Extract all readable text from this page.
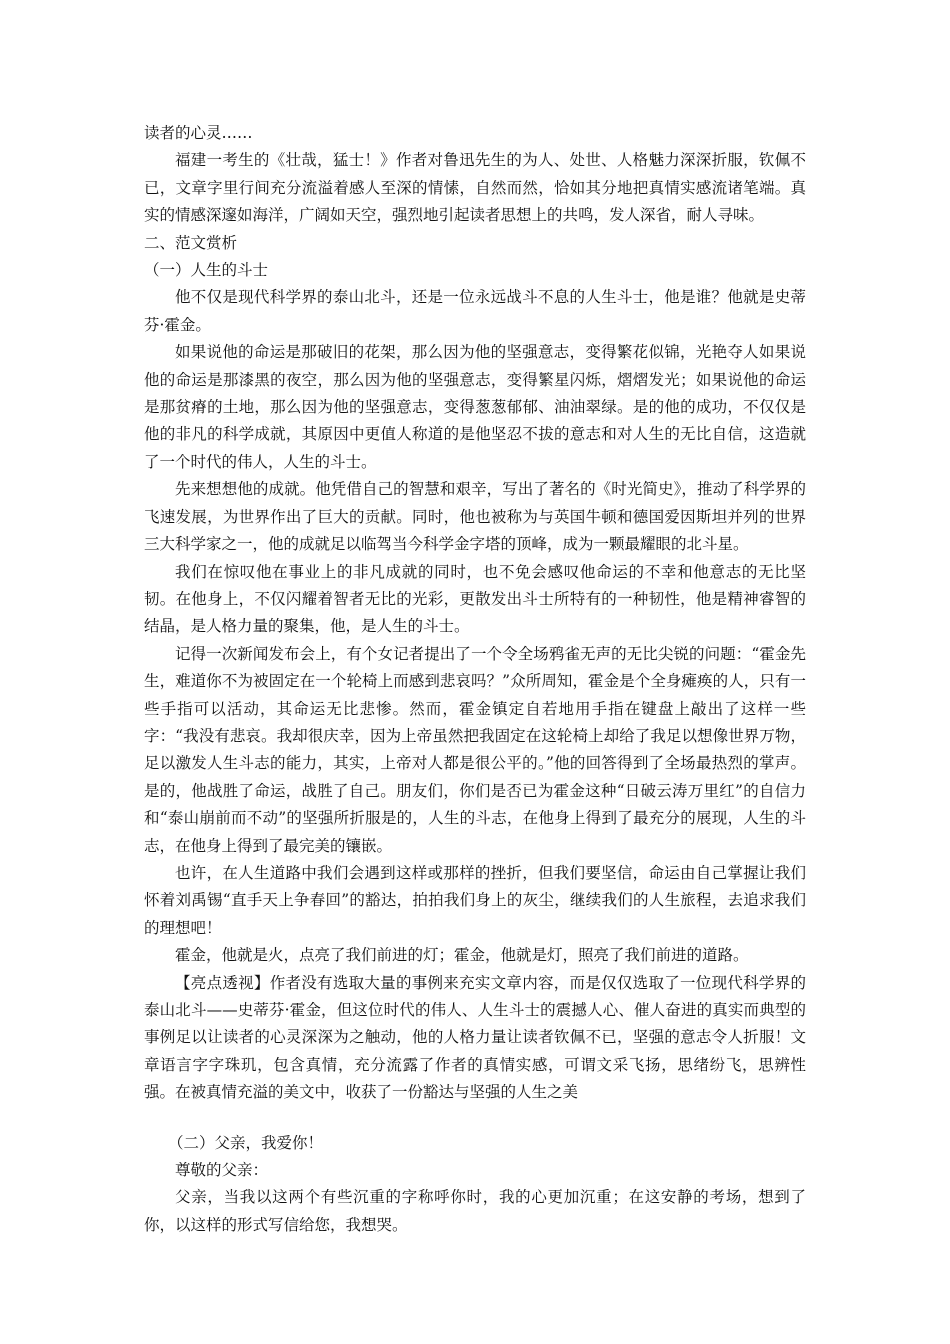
读者的心灵……

福建一考生的《壮哉，猛士！》作者对鲁迅先生的为人、处世、人格魅力深深折服，钦佩不已，文章字里行间充分流溢着感人至深的情愫，自然而然，恰如其分地把真情实感流诸笔端。真实的情感深邃如海洋，广阔如天空，强烈地引起读者思想上的共鸣，发人深省，耐人寻味。

二、范文赏析

（一）人生的斗士

他不仅是现代科学界的泰山北斗，还是一位永远战斗不息的人生斗士，他是谁？他就是史蒂芬·霍金。

如果说他的命运是那破旧的花架，那么因为他的坚强意志，变得繁花似锦，光艳夺人如果说他的命运是那漆黑的夜空，那么因为他的坚强意志，变得繁星闪烁，熠熠发光；如果说他的命运是那贫瘠的土地，那么因为他的坚强意志，变得葱葱郁郁、油油翠绿。是的他的成功，不仅仅是他的非凡的科学成就，其原因中更值人称道的是他坚忍不拔的意志和对人生的无比自信，这造就了一个时代的伟人，人生的斗士。

先来想想他的成就。他凭借自己的智慧和艰辛，写出了著名的《时光简史》，推动了科学界的飞速发展，为世界作出了巨大的贡献。同时，他也被称为与英国牛顿和德国爱因斯坦并列的世界三大科学家之一，他的成就足以临驾当今科学金字塔的顶峰，成为一颗最耀眼的北斗星。

我们在惊叹他在事业上的非凡成就的同时，也不免会感叹他命运的不幸和他意志的无比坚韧。在他身上，不仅闪耀着智者无比的光彩，更散发出斗士所特有的一种韧性，他是精神睿智的结晶，是人格力量的聚集，他，是人生的斗士。

记得一次新闻发布会上，有个女记者提出了一个令全场鸦雀无声的无比尖锐的问题：“霍金先生，难道你不为被固定在一个轮椅上而感到悲哀吗？”众所周知，霍金是个全身瘫痪的人，只有一些手指可以活动，其命运无比悲惨。然而，霍金镇定自若地用手指在键盘上敲出了这样一些字：“我没有悲哀。我却很庆幸，因为上帝虽然把我固定在这轮椅上却给了我足以想像世界万物，足以激发人生斗志的能力，其实，上帝对人都是很公平的。”他的回答得到了全场最热烈的掌声。是的，他战胜了命运，战胜了自己。朋友们，你们是否已为霍金这种“日破云涛万里红”的自信力和“泰山崩前而不动”的坚强所折服是的，人生的斗志，在他身上得到了最充分的展现，人生的斗志，在他身上得到了最完美的镶嵌。

也许，在人生道路中我们会遇到这样或那样的挫折，但我们要坚信，命运由自己掌握让我们怀着刘禹锡“直手天上争春回”的豁达，拍拍我们身上的灰尘，继续我们的人生旅程，去追求我们的理想吧！

霍金，他就是火，点亮了我们前进的灯；霍金，他就是灯，照亮了我们前进的道路。

【亮点透视】作者没有选取大量的事例来充实文章内容，而是仅仅选取了一位现代科学界的泰山北斗——史蒂芬·霍金，但这位时代的伟人、人生斗士的震撼人心、催人奋进的真实而典型的事例足以让读者的心灵深深为之触动，他的人格力量让读者钦佩不已，坚强的意志令人折服！文章语言字字珠玑，包含真情，充分流露了作者的真情实感，可谓文采飞扬，思绪纷飞，思辨性强。在被真情充溢的美文中，收获了一份豁达与坚强的人生之美

（二）父亲，我爱你！

尊敬的父亲：

父亲，当我以这两个有些沉重的字称呼你时，我的心更加沉重；在这安静的考场，想到了你，以这样的形式写信给您，我想哭。
